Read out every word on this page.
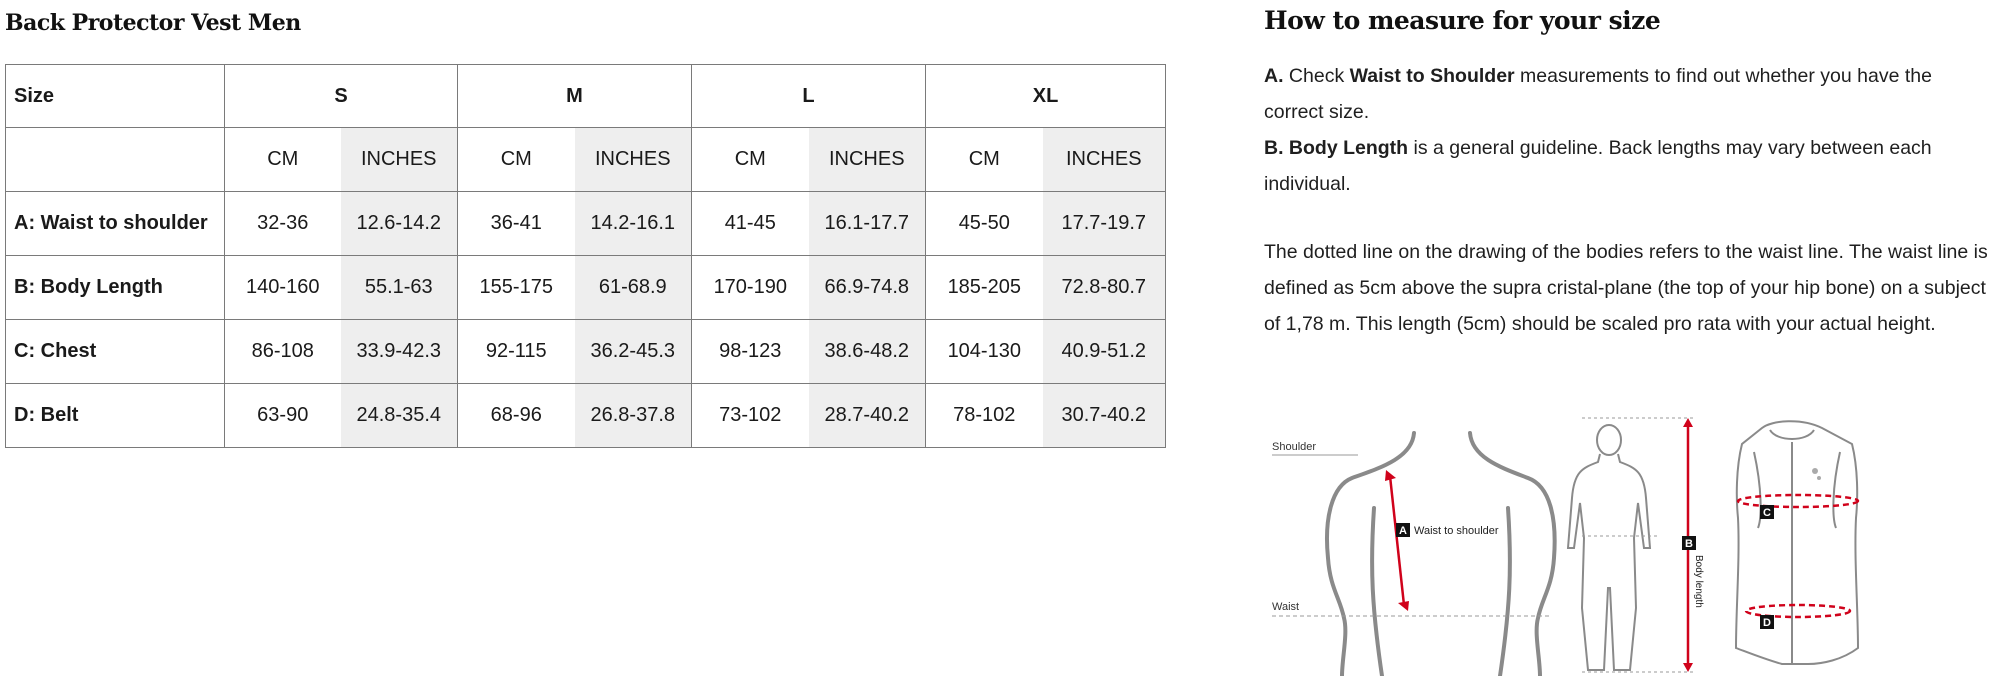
Back Protector Vest Men
Size	S		M		L		XL	
	CM	INCHES	CM	INCHES	CM	INCHES	CM	INCHES
A: Waist to shoulder	32-36	12.6-14.2	36-41	14.2-16.1	41-45	16.1-17.7	45-50	17.7-19.7
B: Body Length	140-160	55.1-63	155-175	61-68.9	170-190	66.9-74.8	185-205	72.8-80.7
C: Chest	86-108	33.9-42.3	92-115	36.2-45.3	98-123	38.6-48.2	104-130	40.9-51.2
D: Belt	63-90	24.8-35.4	68-96	26.8-37.8	73-102	28.7-40.2	78-102	30.7-40.2
How to measure for your size
A. Check Waist to Shoulder measurements to find out whether you have the correct size.
B. Body Length is a general guideline. Back lengths may vary between each individual.
The dotted line on the drawing of the bodies refers to the waist line. The waist line is defined as 5cm above the supra cristal-plane (the top of your hip bone) on a subject of 1,78 m. This length (5cm) should be scaled pro rata with your actual height.
Shoulder
Waist
A Waist to shoulder
B
Body length
C
D
